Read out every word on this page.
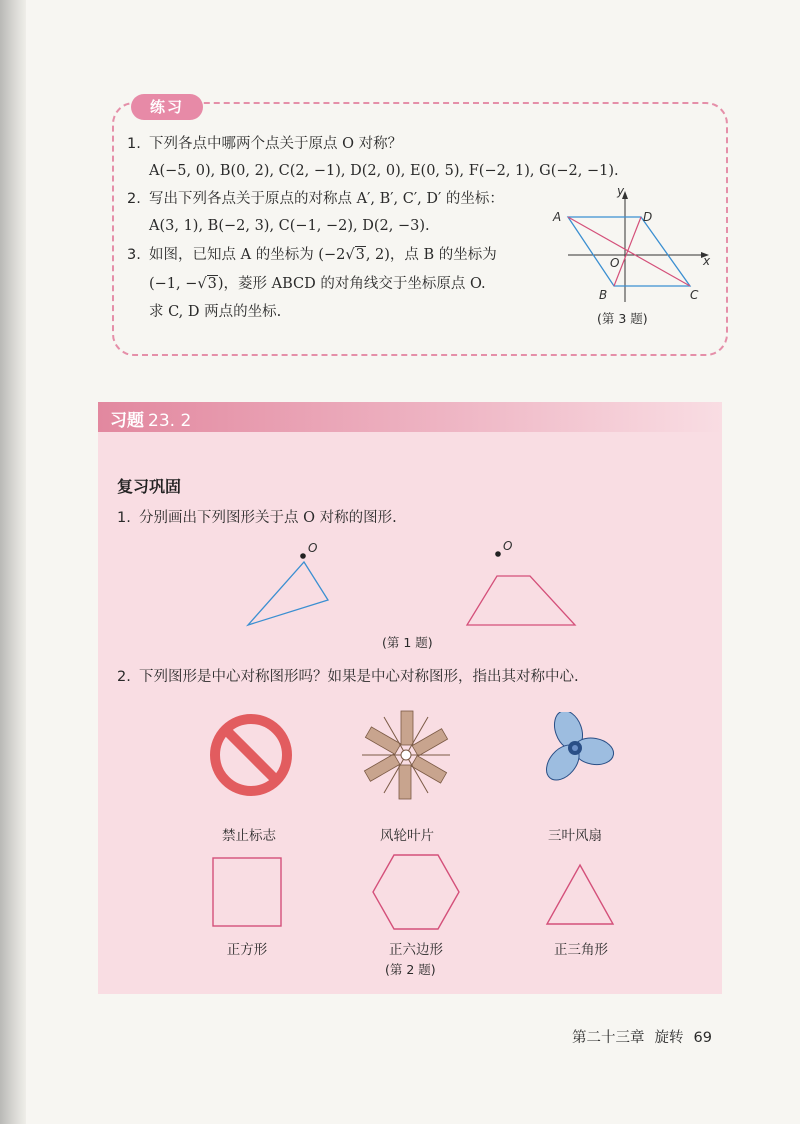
练习
1. 下列各点中哪两个点关于原点 O 对称？
A(−5, 0), B(0, 2), C(2, −1), D(2, 0), E(0, 5), F(−2, 1), G(−2, −1).
2. 写出下列各点关于原点的对称点 A′, B′, C′, D′ 的坐标：
A(3, 1), B(−2, 3), C(−1, −2), D(2, −3).
3. 如图，已知点 A 的坐标为 (−2√3, 2)，点 B 的坐标为
(−1, −√3)，菱形 ABCD 的对角线交于坐标原点 O.
求 C, D 两点的坐标.
y
x
O
A	D
B	C
(第 3 题)
习题 23. 2
复习巩固
1. 分别画出下列图形关于点 O 对称的图形.
O	O
(第 1 题)
2. 下列图形是中心对称图形吗？如果是中心对称图形，指出其对称中心.
禁止标志	风轮叶片	三叶风扇
正方形	正六边形	正三角形
(第 2 题)
第二十三章 旋转 69
